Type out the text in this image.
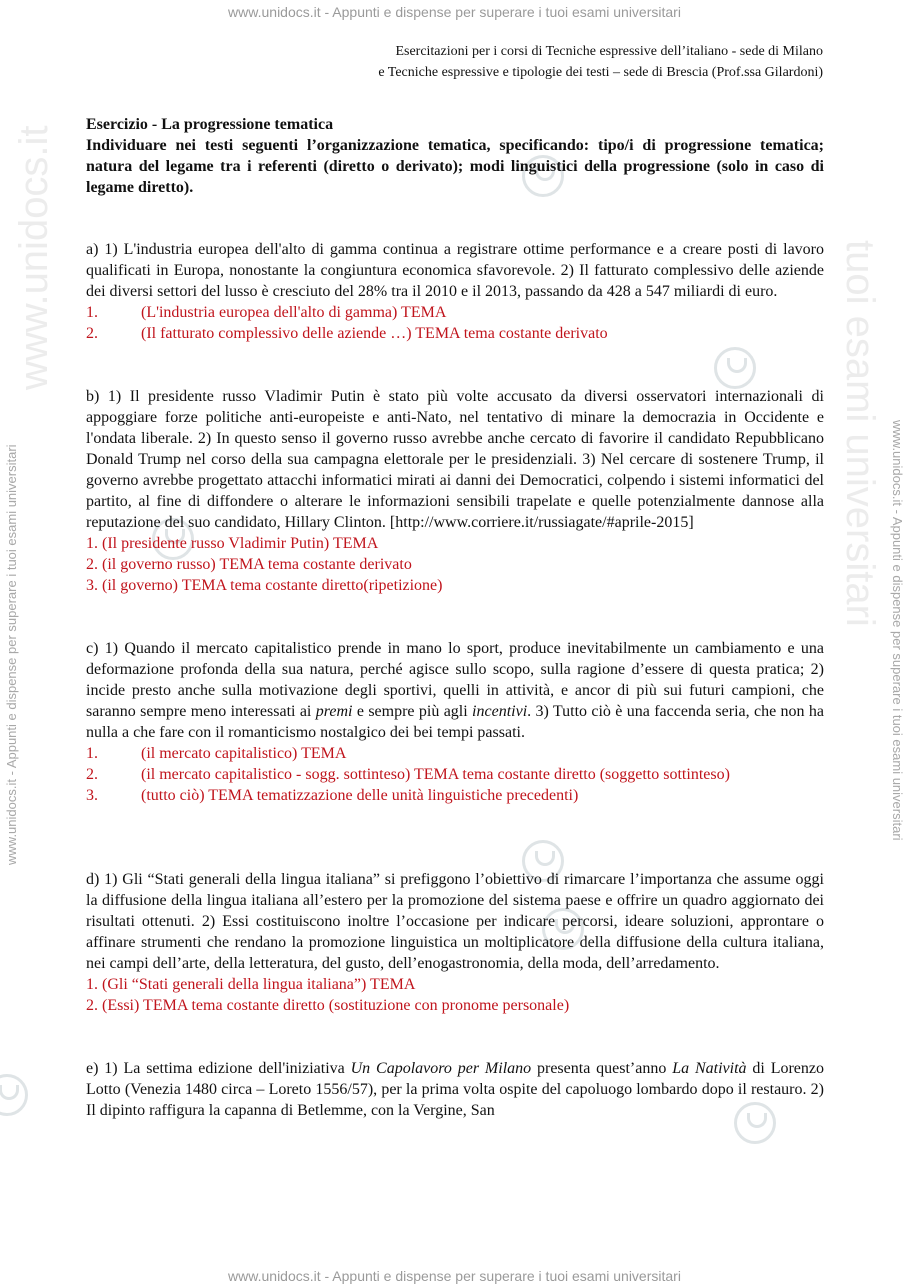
www.unidocs.it - Appunti e dispense per superare i tuoi esami universitari
www.unidocs.it - Appunti e dispense per superare i tuoi esami universitari
www.unidocs.it - Appunti e dispense per superare i tuoi esami universitari	www.unidocs.it - Appunti e dispense per superare i tuoi esami universitari
www.unidocs.it	tuoi esami universitari
Esercitazioni per i corsi di Tecniche espressive dell’italiano - sede di Milano
e Tecniche espressive e tipologie dei testi – sede di Brescia (Prof.ssa Gilardoni)
Esercizio - La progressione tematica
Individuare nei testi seguenti l’organizzazione tematica, specificando: tipo/i di progressione tematica; natura del legame tra i referenti (diretto o derivato); modi linguistici della progressione (solo in caso di legame diretto).

a) 1) L'industria europea dell'alto di gamma continua a registrare ottime performance e a creare posti di lavoro qualificati in Europa, nonostante la congiuntura economica sfavorevole. 2) Il fatturato complessivo delle aziende dei diversi settori del lusso è cresciuto del 28% tra il 2010 e il 2013, passando da 428 a 547 miliardi di euro.

1.	(L'industria europea dell'alto di gamma) TEMA
2.	(Il fatturato complessivo delle aziende …) TEMA tema costante derivato

b) 1) Il presidente russo Vladimir Putin è stato più volte accusato da diversi osservatori internazionali di appoggiare forze politiche anti-europeiste e anti-Nato, nel tentativo di minare la democrazia in Occidente e l'ondata liberale. 2) In questo senso il governo russo avrebbe anche cercato di favorire il candidato Repubblicano Donald Trump nel corso della sua campagna elettorale per le presidenziali. 3) Nel cercare di sostenere Trump, il governo avrebbe progettato attacchi informatici mirati ai danni dei Democratici, colpendo i sistemi informatici del partito, al fine di diffondere o alterare le informazioni sensibili trapelate e quelle potenzialmente dannose alla reputazione del suo candidato, Hillary Clinton. [http://www.corriere.it/russiagate/#aprile-2015]

1. (Il presidente russo Vladimir Putin) TEMA

2. (il governo russo) TEMA tema costante derivato

3. (il governo) TEMA tema costante diretto(ripetizione)

c) 1) Quando il mercato capitalistico prende in mano lo sport, produce inevitabilmente un cambiamento e una deformazione profonda della sua natura, perché agisce sullo scopo, sulla ragione d’essere di questa pratica; 2) incide presto anche sulla motivazione degli sportivi, quelli in attività, e ancor di più sui futuri campioni, che saranno sempre meno interessati ai premi e sempre più agli incentivi. 3) Tutto ciò è una faccenda seria, che non ha nulla a che fare con il romanticismo nostalgico dei bei tempi passati.

1.	(il mercato capitalistico) TEMA
2.	(il mercato capitalistico - sogg. sottinteso) TEMA tema costante diretto (soggetto sottinteso)
3.	(tutto ciò) TEMA tematizzazione delle unità linguistiche precedenti)

d) 1) Gli “Stati generali della lingua italiana” si prefiggono l’obiettivo di rimarcare l’importanza che assume oggi la diffusione della lingua italiana all’estero per la promozione del sistema paese e offrire un quadro aggiornato dei risultati ottenuti. 2) Essi costituiscono inoltre l’occasione per indicare percorsi, ideare soluzioni, approntare o affinare strumenti che rendano la promozione linguistica un moltiplicatore della diffusione della cultura italiana, nei campi dell’arte, della letteratura, del gusto, dell’enogastronomia, della moda, dell’arredamento.

1. (Gli “Stati generali della lingua italiana”) TEMA

2. (Essi) TEMA tema costante diretto (sostituzione con pronome personale)

e) 1) La settima edizione dell'iniziativa Un Capolavoro per Milano presenta quest’anno La Natività di Lorenzo Lotto (Venezia 1480 circa – Loreto 1556/57), per la prima volta ospite del capoluogo lombardo dopo il restauro. 2) Il dipinto raffigura la capanna di Betlemme, con la Vergine, San
